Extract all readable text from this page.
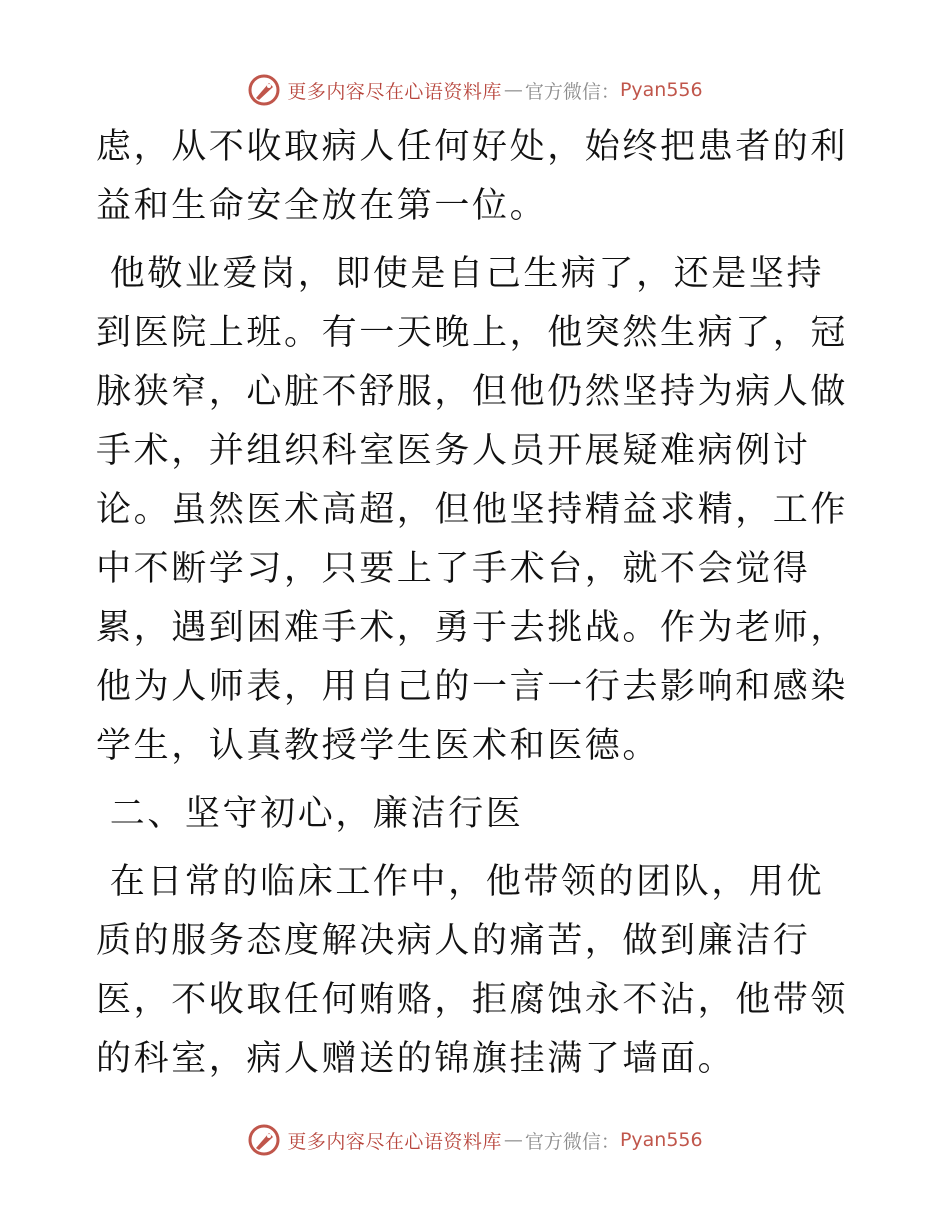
更多内容尽在心语资料库 — 官方微信： Pyan556

虑，从不收取病人任何好处，始终把患者的利益和生命安全放在第一位。

他敬业爱岗，即使是自己生病了，还是坚持到医院上班。有一天晚上，他突然生病了，冠脉狭窄，心脏不舒服，但他仍然坚持为病人做手术，并组织科室医务人员开展疑难病例讨论。虽然医术高超，但他坚持精益求精，工作中不断学习，只要上了手术台，就不会觉得累，遇到困难手术，勇于去挑战。作为老师，他为人师表，用自己的一言一行去影响和感染学生，认真教授学生医术和医德。

二、坚守初心，廉洁行医

在日常的临床工作中，他带领的团队，用优质的服务态度解决病人的痛苦，做到廉洁行医，不收取任何贿赂，拒腐蚀永不沾，他带领的科室，病人赠送的锦旗挂满了墙面。

更多内容尽在心语资料库 — 官方微信： Pyan556
